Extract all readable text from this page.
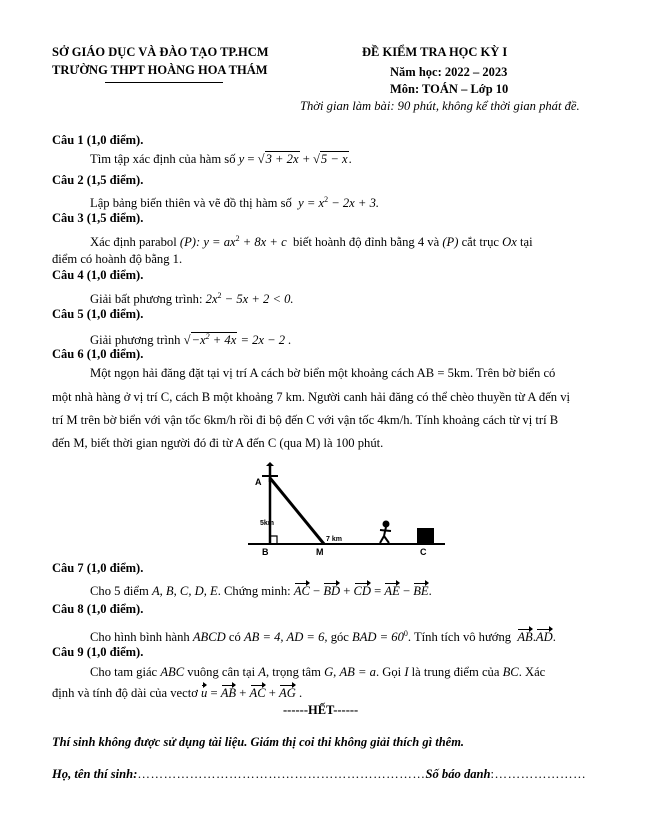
SỞ GIÁO DỤC VÀ ĐÀO TẠO TP.HCM
TRƯỜNG THPT HOÀNG HOA THÁM
ĐỀ KIỂM TRA HỌC KỲ I
Năm học: 2022 – 2023
Môn: TOÁN – Lớp 10
Thời gian làm bài: 90 phút, không kể thời gian phát đề.
Câu 1 (1,0 điểm).
Tìm tập xác định của hàm số y = √3 + 2x + √5 − x.
Câu 2 (1,5 điểm).
Lập bảng biến thiên và vẽ đồ thị hàm số $y = x^2 - 2x + 3$.
Câu 3 (1,5 điểm).
Xác định parabol (P): $y = ax^2 + 8x + c$ biết hoành độ đỉnh bằng 4 và (P) cắt trục Ox tại
điểm có hoành độ bằng 1.
Câu 4 (1,0 điểm).
Giải bất phương trình: $2x^2 - 5x + 2 < 0$.
Câu 5 (1,0 điểm).
Giải phương trình $√-x^2 + 4x = 2x - 2$ .
Câu 6 (1,0 điểm).
Một ngọn hải đăng đặt tại vị trí A cách bờ biển một khoảng cách AB = 5km. Trên bờ biển có
một nhà hàng ở vị trí C, cách B một khoảng 7 km. Người canh hải đăng có thể chèo thuyền từ A đến vị
trí M trên bờ biển với vận tốc 6km/h rồi đi bộ đến C với vận tốc 4km/h. Tính khoảng cách từ vị trí B
đến M, biết thời gian người đó đi từ A đến C (qua M) là 100 phút.
A
B	M	C
5km
7 km
Câu 7 (1,0 điểm).
Cho 5 điểm A, B, C, D, E. Chứng minh: AC − BD + CD = AE − BE.
Câu 8 (1,0 điểm).
Cho hình bình hành ABCD có AB = 4, AD = 6, góc BAD = $60^0$. Tính tích vô hướng AB.AD.
Câu 9 (1,0 điểm).
Cho tam giác ABC vuông cân tại A, trọng tâm G, AB = a. Gọi I là trung điểm của BC. Xác
định và tính độ dài của vectơ u = AB + AC + AG .
------HẾT------
Thí sinh không được sử dụng tài liệu. Giám thị coi thi không giải thích gì thêm.
Họ, tên thí sinh:…………………………………………………………Số báo danh:…………………
